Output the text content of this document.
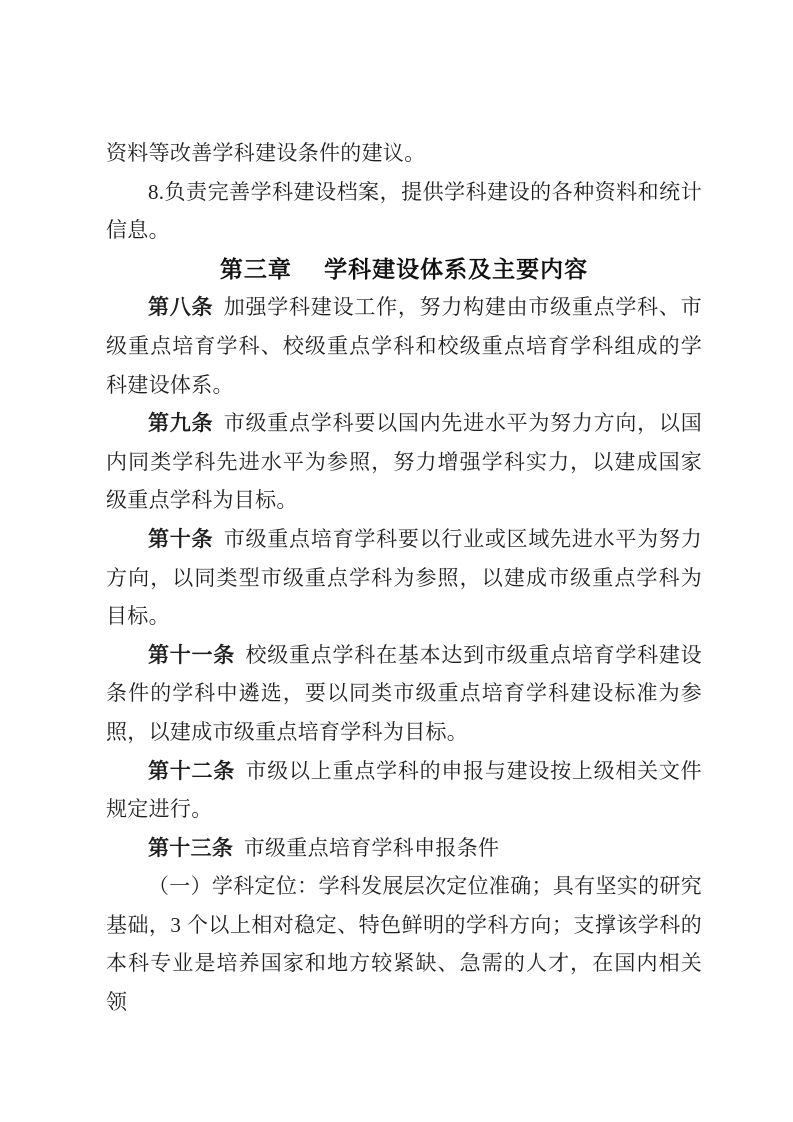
资料等改善学科建设条件的建议。

8.负责完善学科建设档案，提供学科建设的各种资料和统计信息。

第三章 学科建设体系及主要内容

第八条 加强学科建设工作，努力构建由市级重点学科、市级重点培育学科、校级重点学科和校级重点培育学科组成的学科建设体系。

第九条 市级重点学科要以国内先进水平为努力方向，以国内同类学科先进水平为参照，努力增强学科实力，以建成国家级重点学科为目标。

第十条 市级重点培育学科要以行业或区域先进水平为努力方向，以同类型市级重点学科为参照，以建成市级重点学科为目标。

第十一条 校级重点学科在基本达到市级重点培育学科建设条件的学科中遴选，要以同类市级重点培育学科建设标准为参照，以建成市级重点培育学科为目标。

第十二条 市级以上重点学科的申报与建设按上级相关文件规定进行。

第十三条 市级重点培育学科申报条件

（一）学科定位：学科发展层次定位准确；具有坚实的研究基础，3 个以上相对稳定、特色鲜明的学科方向；支撑该学科的本科专业是培养国家和地方较紧缺、急需的人才，在国内相关领
